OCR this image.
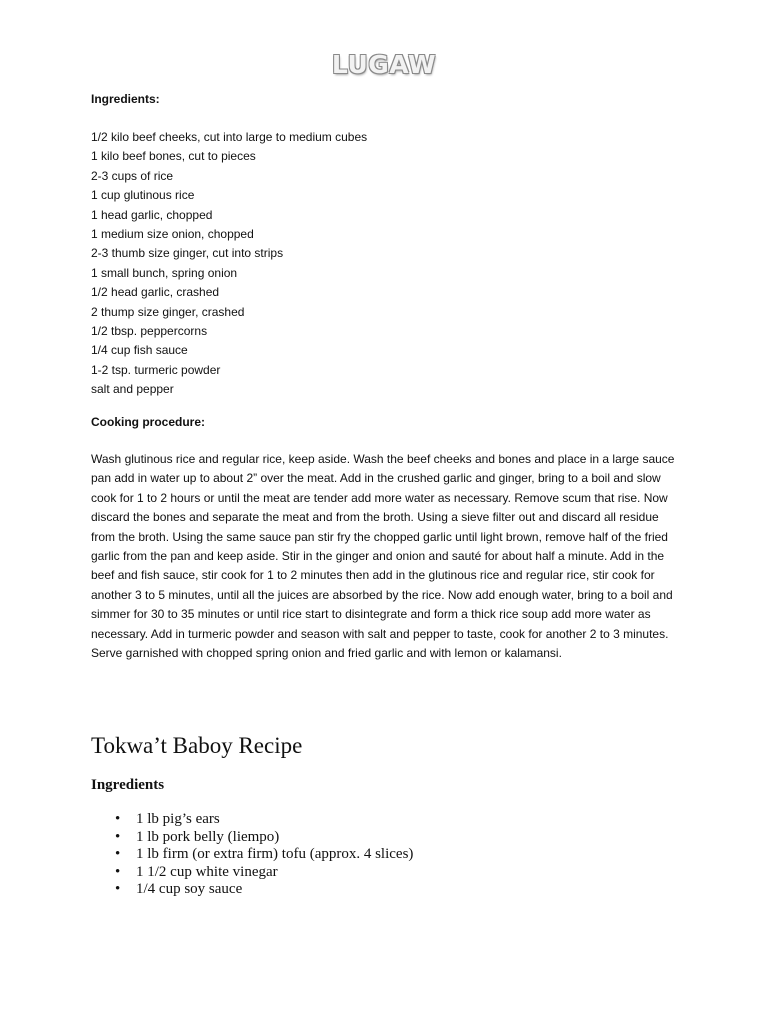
LUGAW
Ingredients:
1/2 kilo beef cheeks, cut into large to medium cubes
1 kilo beef bones, cut to pieces
2-3 cups of rice
1 cup glutinous rice
1 head garlic, chopped
1 medium size onion, chopped
2-3 thumb size ginger, cut into strips
1 small bunch, spring onion
1/2 head garlic, crashed
2 thump size ginger, crashed
1/2 tbsp. peppercorns
1/4 cup fish sauce
1-2 tsp. turmeric powder
salt and pepper
Cooking procedure:

Wash glutinous rice and regular rice, keep aside. Wash the beef cheeks and bones and place in a large sauce pan add in water up to about 2” over the meat. Add in the crushed garlic and ginger, bring to a boil and slow cook for 1 to 2 hours or until the meat are tender add more water as necessary. Remove scum that rise. Now discard the bones and separate the meat and from the broth. Using a sieve filter out and discard all residue from the broth. Using the same sauce pan stir fry the chopped garlic until light brown, remove half of the fried garlic from the pan and keep aside. Stir in the ginger and onion and sauté for about half a minute. Add in the beef and fish sauce, stir cook for 1 to 2 minutes then add in the glutinous rice and regular rice, stir cook for another 3 to 5 minutes, until all the juices are absorbed by the rice. Now add enough water, bring to a boil and simmer for 30 to 35 minutes or until rice start to disintegrate and form a thick rice soup add more water as necessary. Add in turmeric powder and season with salt and pepper to taste, cook for another 2 to 3 minutes. Serve garnished with chopped spring onion and fried garlic and with lemon or kalamansi.

Tokwa’t Baboy Recipe
Ingredients
• 1 lb pig’s ears
• 1 lb pork belly (liempo)
• 1 lb firm (or extra firm) tofu (approx. 4 slices)
• 1 1/2 cup white vinegar
• 1/4 cup soy sauce
